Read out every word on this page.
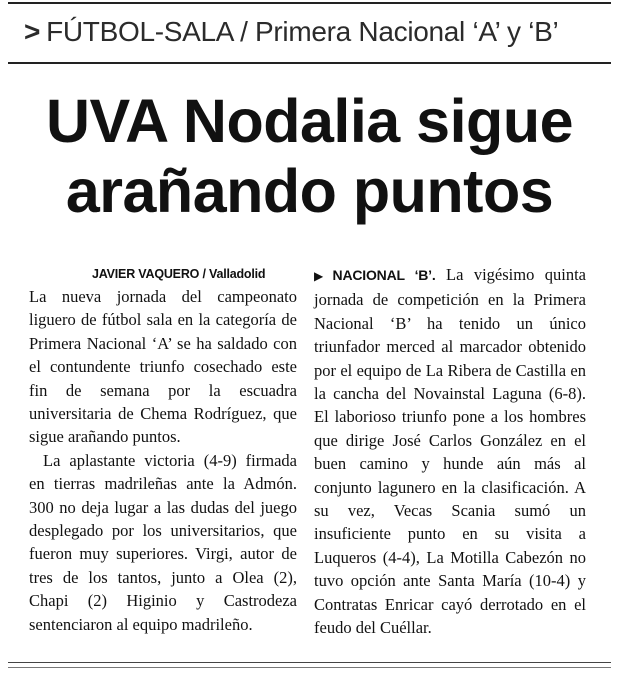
> FÚTBOL-SALA / Primera Nacional ‘A’ y ‘B’
UVA Nodalia sigue
arañando puntos
JAVIER VAQUERO / Valladolid

La nueva jornada del campeonato liguero de fútbol sala en la categoría de Primera Nacional ‘A’ se ha saldado con el contundente triunfo cosechado este fin de semana por la escuadra universitaria de Chema Rodríguez, que sigue arañando puntos.

La aplastante victoria (4-9) firmada en tierras madrileñas ante la Admón. 300 no deja lugar a las dudas del juego desplegado por los universitarios, que fueron muy superiores. Virgi, autor de tres de los tantos, junto a Olea (2), Chapi (2) Higinio y Castrodeza sentenciaron al equipo madrileño.

▶ NACIONAL ‘B’. La vigésimo quinta jornada de competición en la Primera Nacional ‘B’ ha tenido un único triunfador merced al marcador obtenido por el equipo de La Ribera de Castilla en la cancha del Novainstal Laguna (6-8). El laborioso triunfo pone a los hombres que dirige José Carlos González en el buen camino y hunde aún más al conjunto lagunero en la clasificación. A su vez, Vecas Scania sumó un insuficiente punto en su visita a Luqueros (4-4), La Motilla Cabezón no tuvo opción ante Santa María (10-4) y Contratas Enricar cayó derrotado en el feudo del Cuéllar.
